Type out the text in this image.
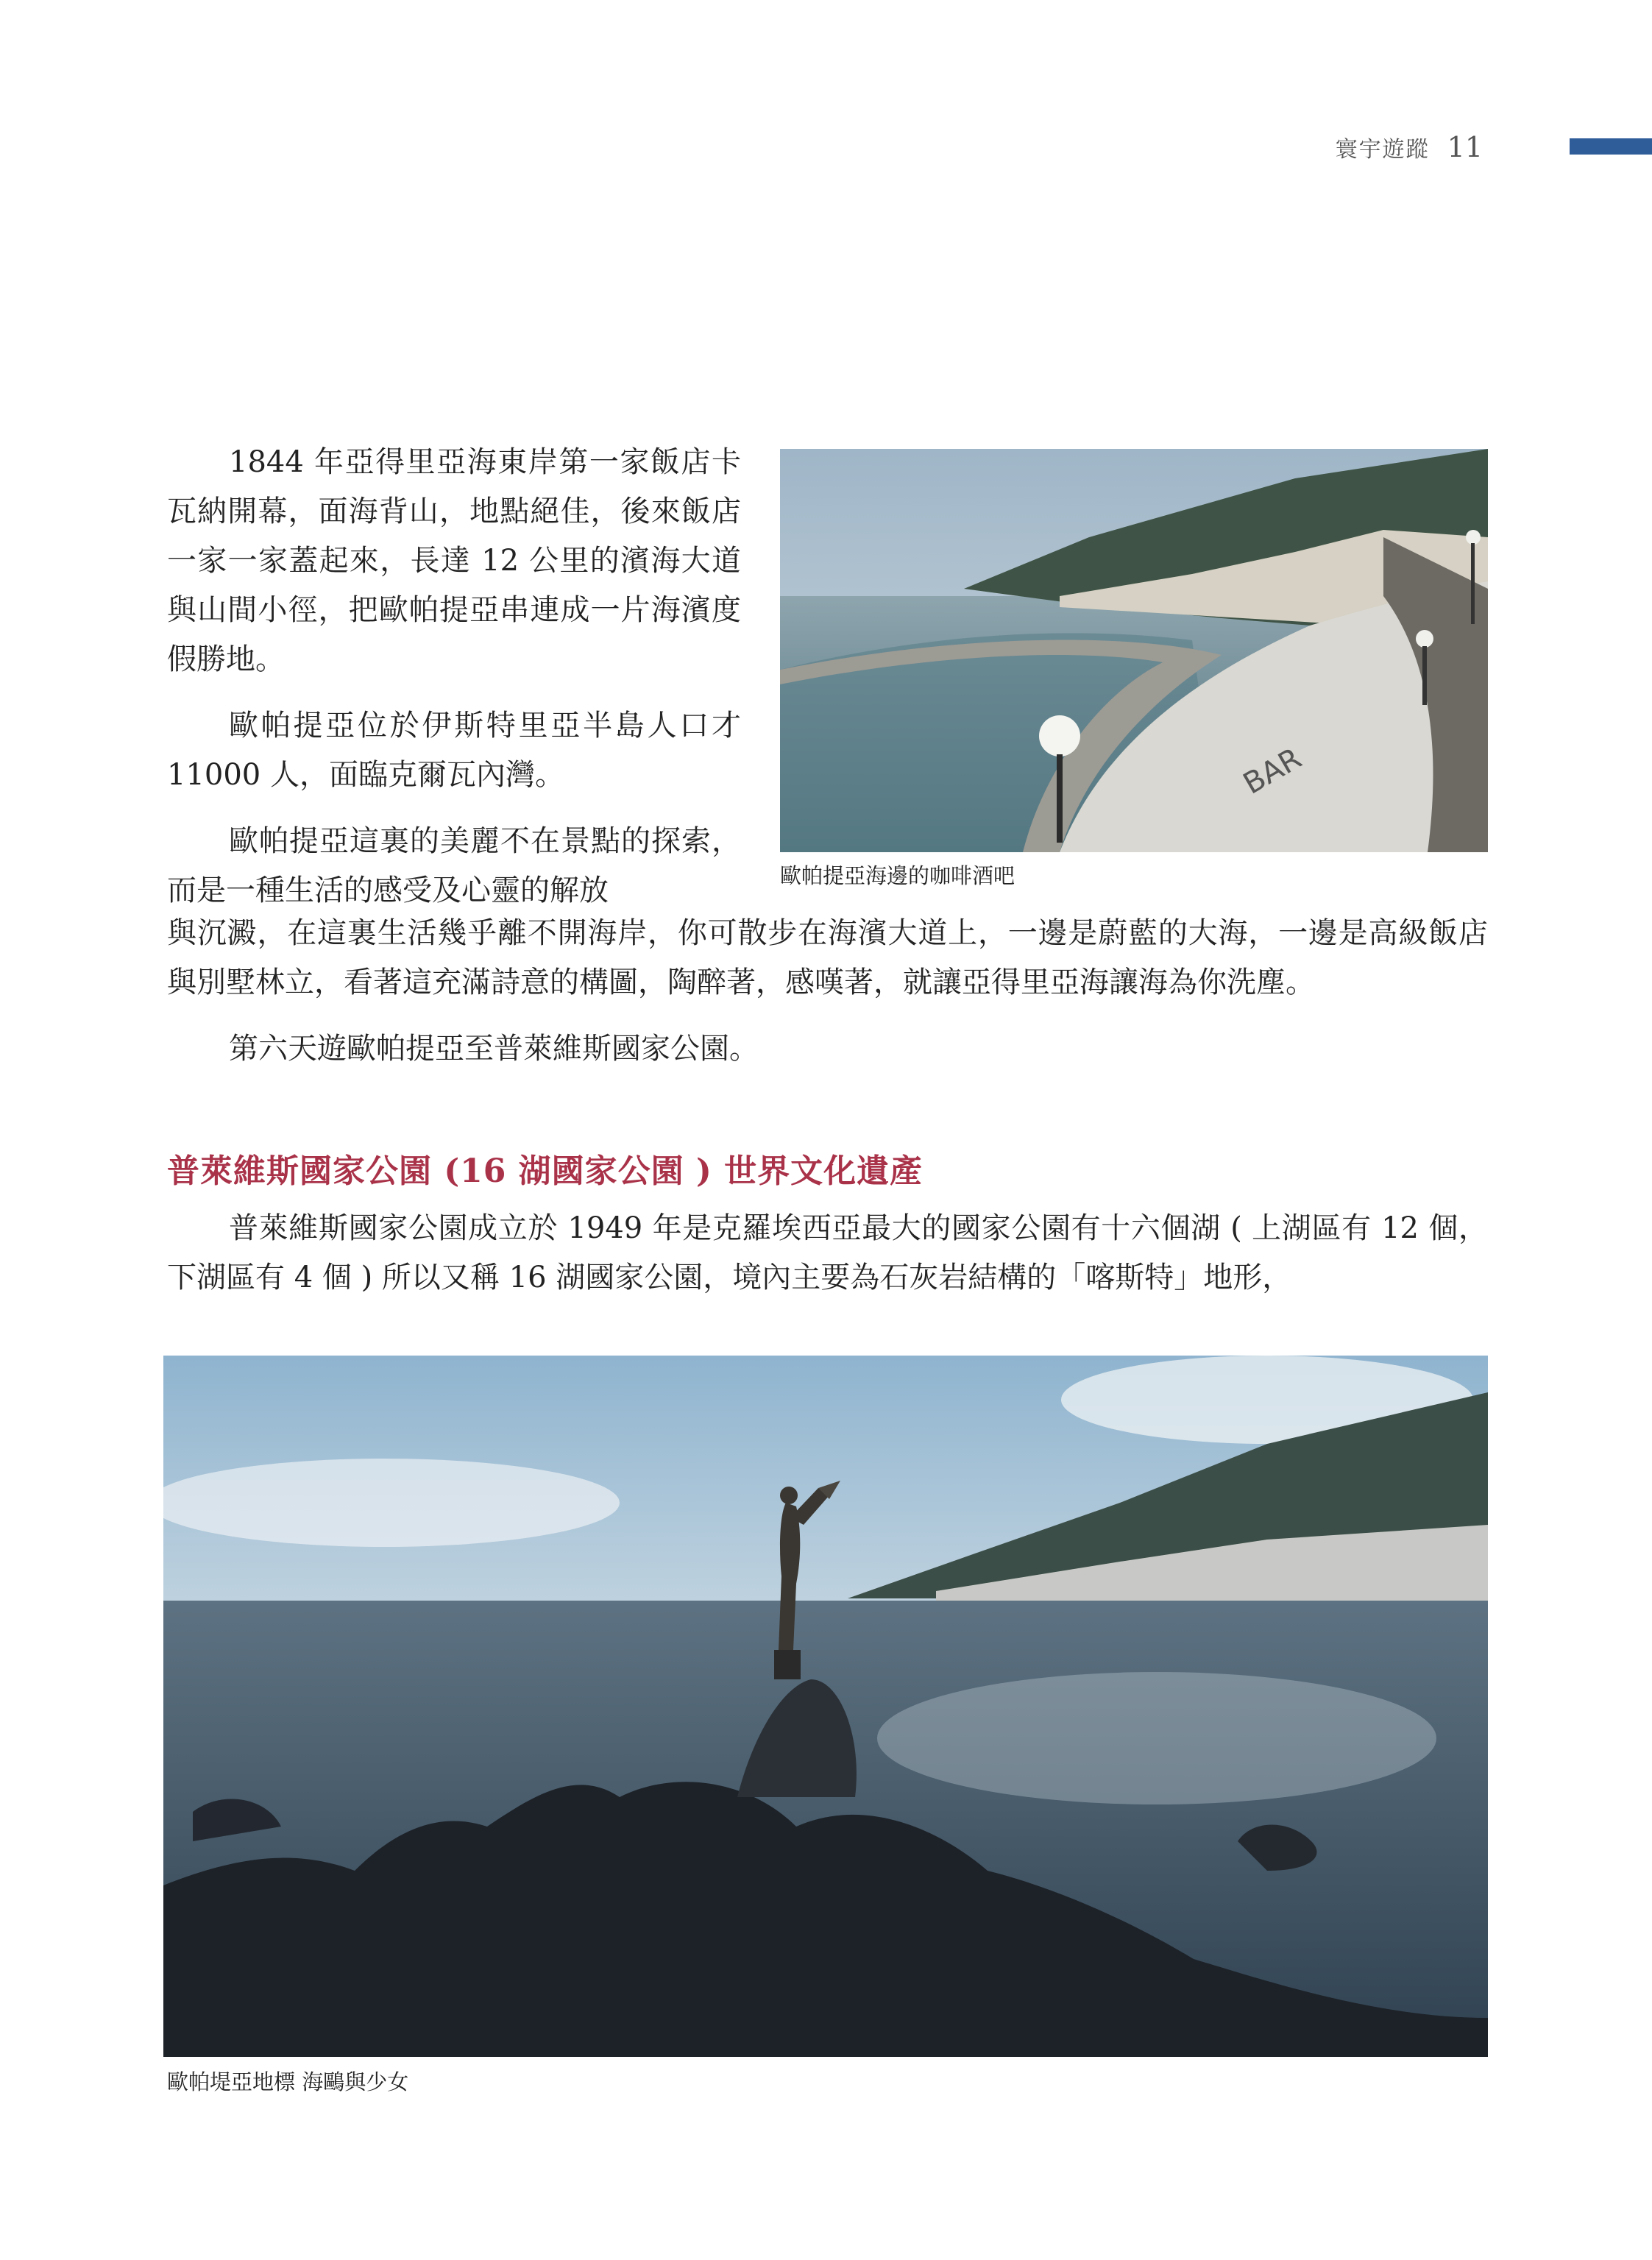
寰宇遊蹤 11

1844 年亞得里亞海東岸第一家飯店卡瓦納開幕，面海背山，地點絕佳，後來飯店一家一家蓋起來，長達 12 公里的濱海大道與山間小徑，把歐帕提亞串連成一片海濱度假勝地。

歐帕提亞位於伊斯特里亞半島人口才 11000 人，面臨克爾瓦內灣。

歐帕提亞這裏的美麗不在景點的探索，而是一種生活的感受及心靈的解放

BAR
歐帕提亞海邊的咖啡酒吧

與沉澱，在這裏生活幾乎離不開海岸，你可散步在海濱大道上，一邊是蔚藍的大海，一邊是高級飯店與別墅林立，看著這充滿詩意的構圖，陶醉著，感嘆著，就讓亞得里亞海讓海為你洗塵。

第六天遊歐帕提亞至普萊維斯國家公園。

普萊維斯國家公園 (16 湖國家公園 ) 世界文化遺產

普萊維斯國家公園成立於 1949 年是克羅埃西亞最大的國家公園有十六個湖 ( 上湖區有 12 個，下湖區有 4 個 ) 所以又稱 16 湖國家公園，境內主要為石灰岩結構的「喀斯特」地形，

歐帕堤亞地標 海鷗與少女
